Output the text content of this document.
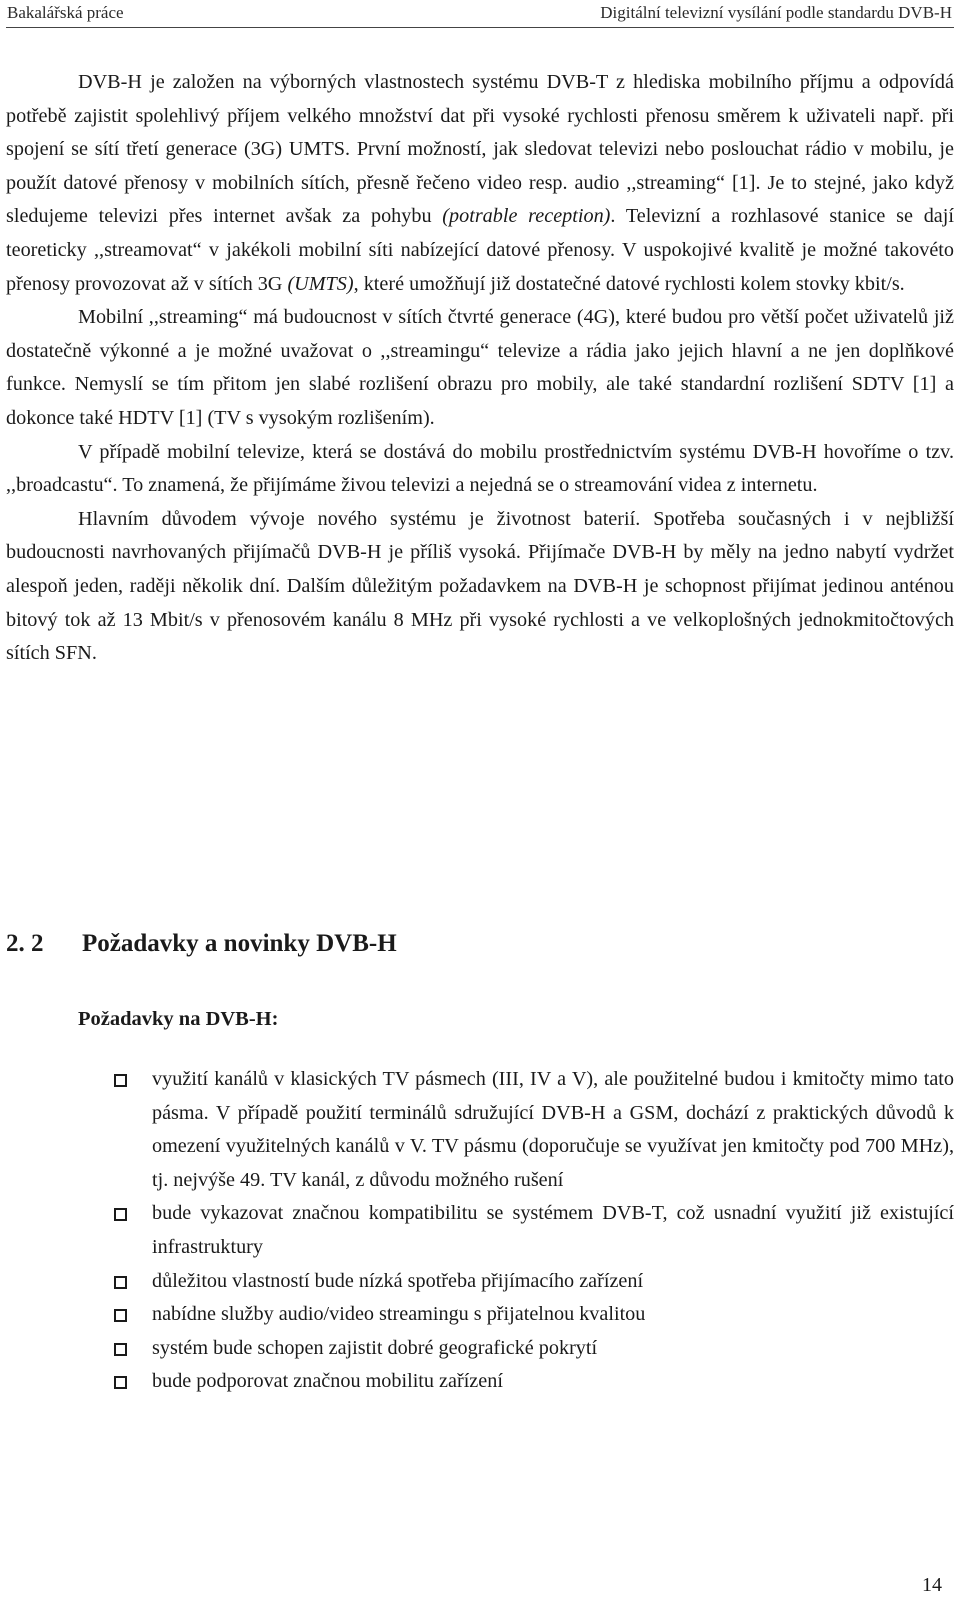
Bakalářská práce	Digitální televizní vysílání podle standardu DVB-H

DVB-H je založen na výborných vlastnostech systému DVB-T z hlediska mobilního příjmu a odpovídá potřebě zajistit spolehlivý příjem velkého množství dat při vysoké rychlosti přenosu směrem k uživateli např. při spojení se sítí třetí generace (3G) UMTS. První možností, jak sledovat televizi nebo poslouchat rádio v mobilu, je použít datové přenosy v mobilních sítích, přesně řečeno video resp. audio ,,streaming“ [1]. Je to stejné, jako když sledujeme televizi přes internet avšak za pohybu (potrable reception). Televizní a rozhlasové stanice se dají teoreticky ,,streamovat“ v jakékoli mobilní síti nabízející datové přenosy. V uspokojivé kvalitě je možné takovéto přenosy provozovat až v sítích 3G (UMTS), které umožňují již dostatečné datové rychlosti kolem stovky kbit/s.

Mobilní ,,streaming“ má budoucnost v sítích čtvrté generace (4G), které budou pro větší počet uživatelů již dostatečně výkonné a je možné uvažovat o ,,streamingu“ televize a rádia jako jejich hlavní a ne jen doplňkové funkce. Nemyslí se tím přitom jen slabé rozlišení obrazu pro mobily, ale také standardní rozlišení SDTV [1] a dokonce také HDTV [1] (TV s vysokým rozlišením).

V případě mobilní televize, která se dostává do mobilu prostřednictvím systému DVB-H hovoříme o tzv. ,,broadcastu“. To znamená, že přijímáme živou televizi a nejedná se o streamování videa z internetu.

Hlavním důvodem vývoje nového systému je životnost baterií. Spotřeba současných i v nejbližší budoucnosti navrhovaných přijímačů DVB-H je příliš vysoká. Přijímače DVB-H by měly na jedno nabytí vydržet alespoň jeden, raději několik dní. Dalším důležitým požadavkem na DVB-H je schopnost přijímat jedinou anténou bitový tok až 13 Mbit/s v přenosovém kanálu 8 MHz při vysoké rychlosti a ve velkoplošných jednokmitočtových sítích SFN.

2. 2 Požadavky a novinky DVB-H
Požadavky na DVB-H:
využití kanálů v klasických TV pásmech (III, IV a V), ale použitelné budou i kmitočty mimo tato pásma. V případě použití terminálů sdružující DVB-H a GSM, dochází z praktických důvodů k omezení využitelných kanálů v V. TV pásmu (doporučuje se využívat jen kmitočty pod 700 MHz), tj. nejvýše 49. TV kanál, z důvodu možného rušení
bude vykazovat značnou kompatibilitu se systémem DVB-T, což usnadní využití již existující infrastruktury
důležitou vlastností bude nízká spotřeba přijímacího zařízení
nabídne služby audio/video streamingu s přijatelnou kvalitou
systém bude schopen zajistit dobré geografické pokrytí
bude podporovat značnou mobilitu zařízení
14
